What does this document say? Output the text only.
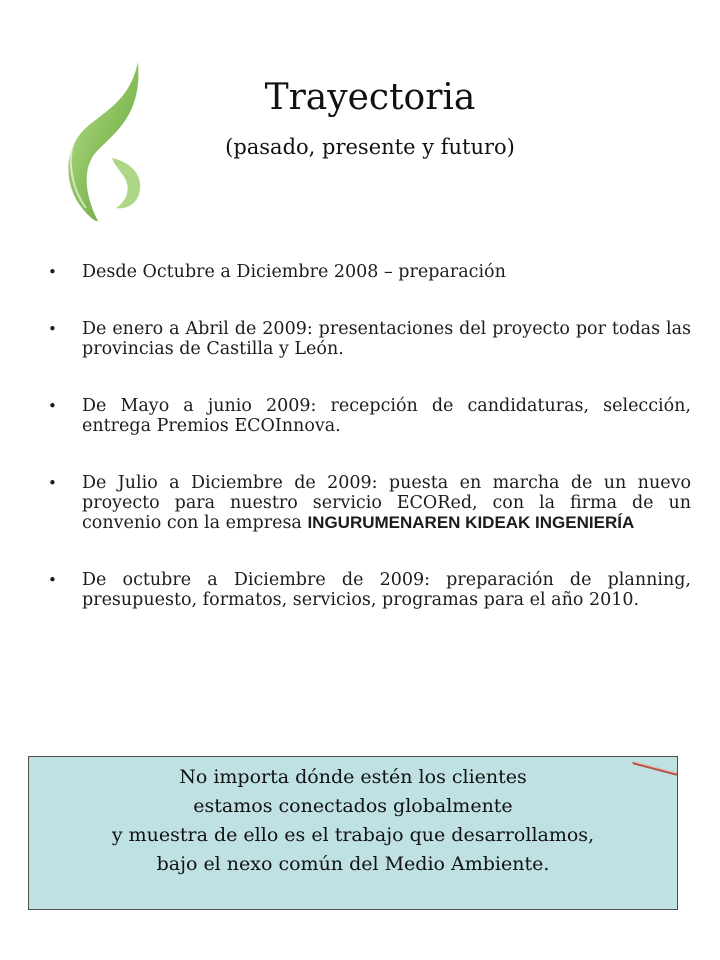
Trayectoria
(pasado, presente y futuro)
• Desde Octubre a Diciembre 2008 – preparación
• De enero a Abril de 2009: presentaciones del proyecto por todas las provincias de Castilla y León.
• De Mayo a junio 2009: recepción de candidaturas, selección, entrega Premios ECOInnova.
• De Julio a Diciembre de 2009: puesta en marcha de un nuevo proyecto para nuestro servicio ECORed, con la firma de un convenio con la empresa INGURUMENAREN KIDEAK INGENIERÍA
• De octubre a Diciembre de 2009: preparación de planning, presupuesto, formatos, servicios, programas para el año 2010.
No importa dónde estén los clientes
estamos conectados globalmente
y muestra de ello es el trabajo que desarrollamos,
bajo el nexo común del Medio Ambiente.
